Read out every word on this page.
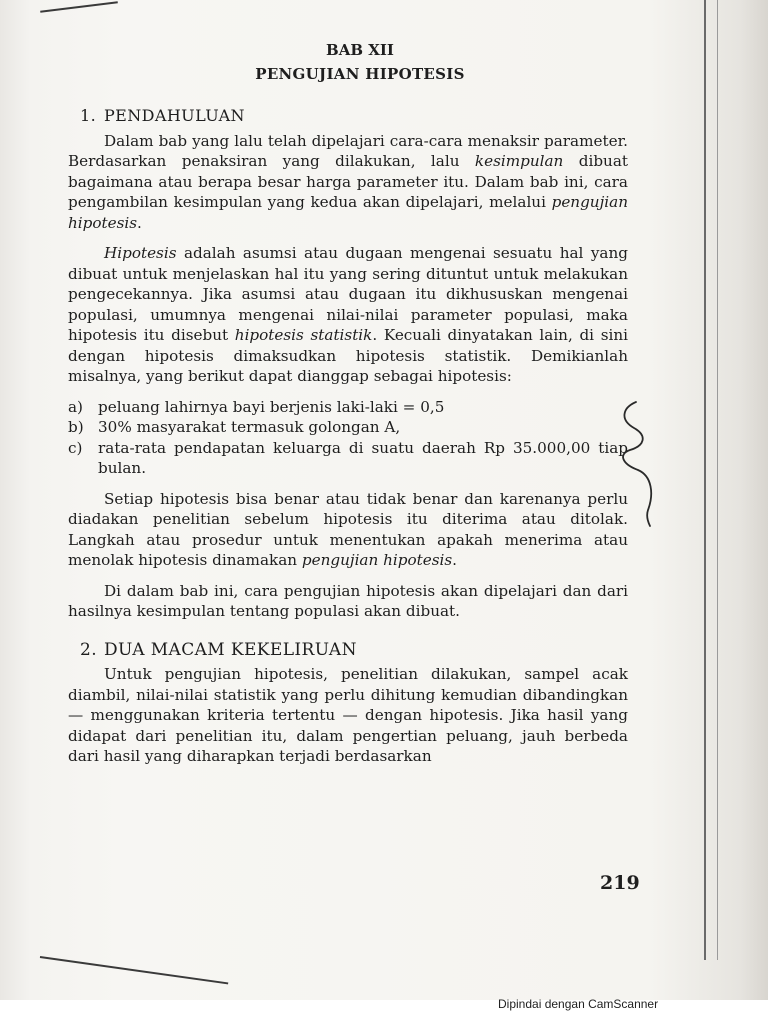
BAB XII
PENGUJIAN HIPOTESIS
1. PENDAHULUAN

Dalam bab yang lalu telah dipelajari cara-cara menaksir parameter. Berdasarkan penaksiran yang dilakukan, lalu kesimpulan dibuat bagaimana atau berapa besar harga parameter itu. Dalam bab ini, cara pengambilan kesimpulan yang kedua akan dipelajari, melalui pengujian hipotesis.

Hipotesis adalah asumsi atau dugaan mengenai sesuatu hal yang dibuat untuk menjelaskan hal itu yang sering dituntut untuk melakukan pengecekannya. Jika asumsi atau dugaan itu dikhususkan mengenai populasi, umumnya mengenai nilai-nilai parameter populasi, maka hipotesis itu disebut hipotesis statistik. Kecuali dinyatakan lain, di sini dengan hipotesis dimaksudkan hipotesis statistik. Demikianlah misalnya, yang berikut dapat dianggap sebagai hipotesis:

a) peluang lahirnya bayi berjenis laki-laki = 0,5
b) 30% masyarakat termasuk golongan A,
c)	rata-rata pendapatan keluarga di suatu daerah Rp 35.000,00 tiap bulan.

Setiap hipotesis bisa benar atau tidak benar dan karenanya perlu diadakan penelitian sebelum hipotesis itu diterima atau ditolak. Langkah atau prosedur untuk menentukan apakah menerima atau menolak hipotesis dinamakan pengujian hipotesis.

Di dalam bab ini, cara pengujian hipotesis akan dipelajari dan dari hasilnya kesimpulan tentang populasi akan dibuat.

2. DUA MACAM KEKELIRUAN

Untuk pengujian hipotesis, penelitian dilakukan, sampel acak diambil, nilai-nilai statistik yang perlu dihitung kemudian dibandingkan — menggunakan kriteria tertentu — dengan hipotesis. Jika hasil yang didapat dari penelitian itu, dalam pengertian peluang, jauh berbeda dari hasil yang diharapkan terjadi berdasarkan

219
Dipindai dengan CamScanner
